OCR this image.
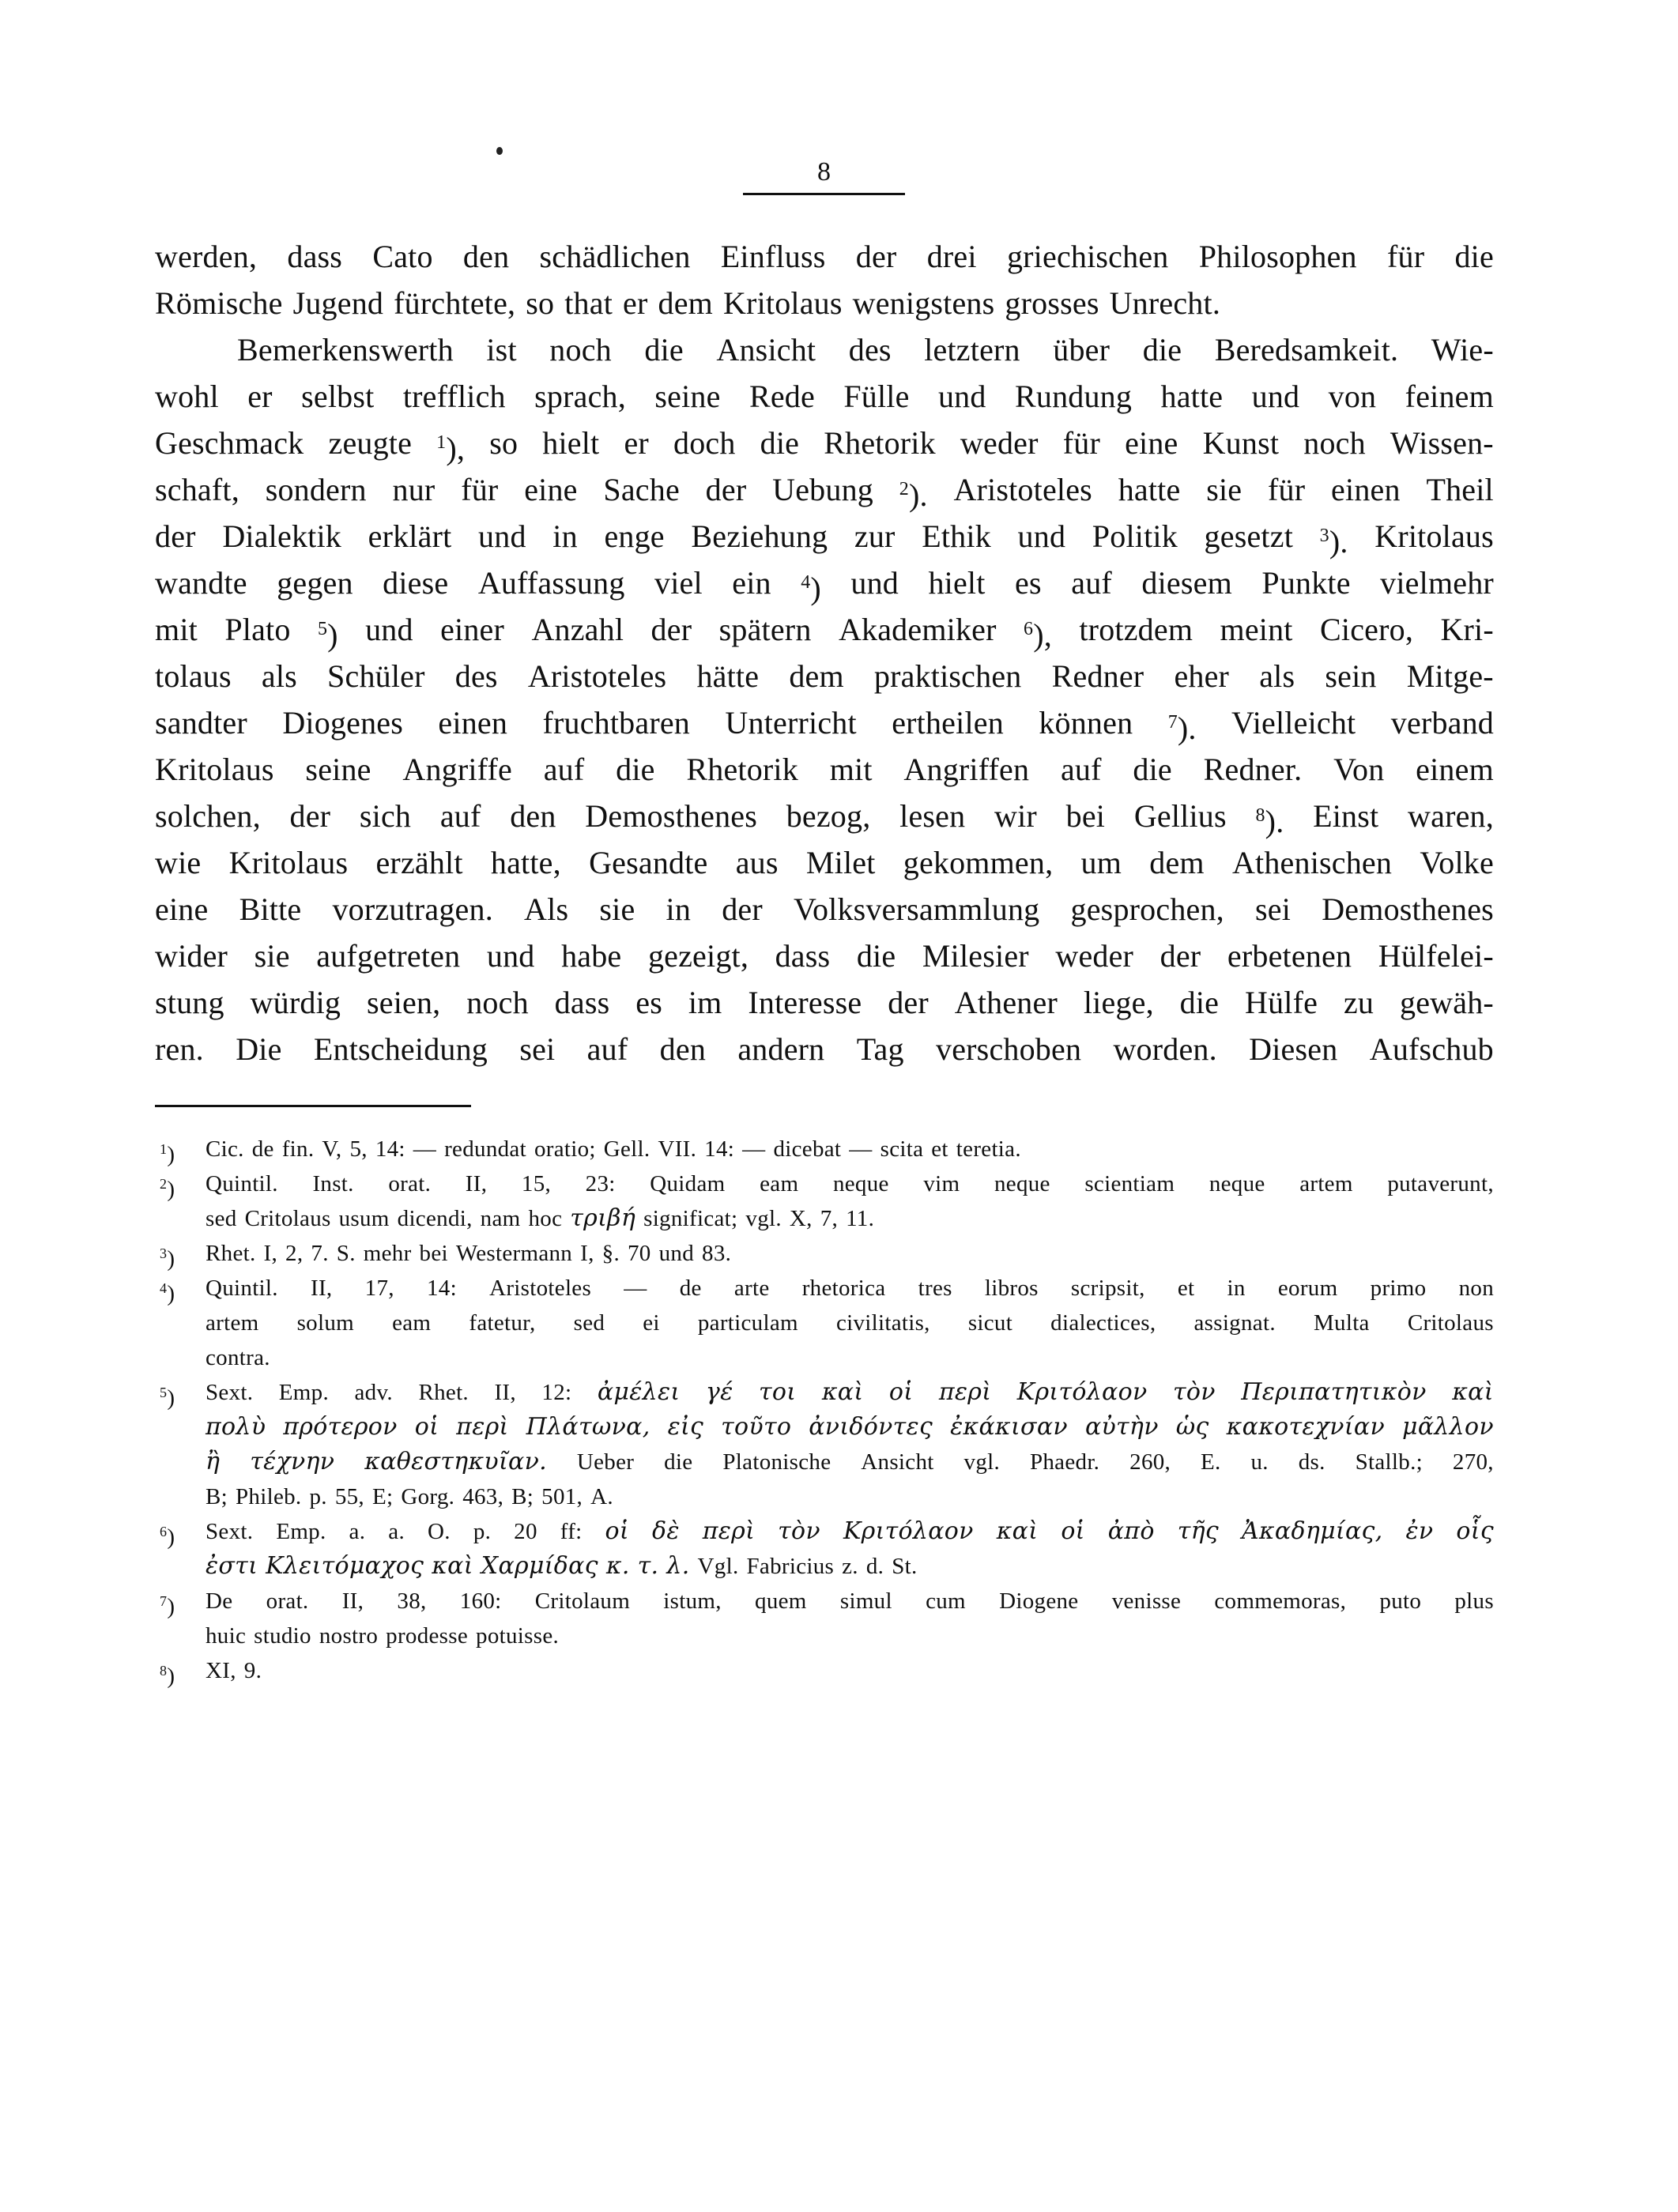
8
werden, dass Cato den schädlichen Einfluss der drei griechischen Philosophen für die
Römische Jugend fürchtete, so that er dem Kritolaus wenigstens grosses Unrecht.
Bemerkenswerth ist noch die Ansicht des letztern über die Beredsamkeit. Wie-
wohl er selbst trefflich sprach, seine Rede Fülle und Rundung hatte und von feinem
Geschmack zeugte $^1$), so hielt er doch die Rhetorik weder für eine Kunst noch Wissen-
schaft, sondern nur für eine Sache der Uebung $^2$). Aristoteles hatte sie für einen Theil
der Dialektik erklärt und in enge Beziehung zur Ethik und Politik gesetzt $^3$). Kritolaus
wandte gegen diese Auffassung viel ein $^4$) und hielt es auf diesem Punkte vielmehr
mit Plato $^5$) und einer Anzahl der spätern Akademiker $^6$), trotzdem meint Cicero, Kri-
tolaus als Schüler des Aristoteles hätte dem praktischen Redner eher als sein Mitge-
sandter Diogenes einen fruchtbaren Unterricht ertheilen können $^7$). Vielleicht verband
Kritolaus seine Angriffe auf die Rhetorik mit Angriffen auf die Redner. Von einem
solchen, der sich auf den Demosthenes bezog, lesen wir bei Gellius $^8$). Einst waren,
wie Kritolaus erzählt hatte, Gesandte aus Milet gekommen, um dem Athenischen Volke
eine Bitte vorzutragen. Als sie in der Volksversammlung gesprochen, sei Demosthenes
wider sie aufgetreten und habe gezeigt, dass die Milesier weder der erbetenen Hülfelei-
stung würdig seien, noch dass es im Interesse der Athener liege, die Hülfe zu gewäh-
ren. Die Entscheidung sei auf den andern Tag verschoben worden. Diesen Aufschub
$^1$) Cic. de fin. V, 5, 14: — redundat oratio; Gell. VII. 14: — dicebat — scita et teretia.
$^2$) Quintil. Inst. orat. II, 15, 23: Quidam eam neque vim neque scientiam neque artem putaverunt,
sed Critolaus usum dicendi, nam hoc τριβή significat; vgl. X, 7, 11.
$^3$) Rhet. I, 2, 7. S. mehr bei Westermann I, §. 70 und 83.
$^4$) Quintil. II, 17, 14: Aristoteles — de arte rhetorica tres libros scripsit, et in eorum primo non
artem solum eam fatetur, sed ei particulam civilitatis, sicut dialectices, assignat. Multa Critolaus
contra.
$^5$) Sext. Emp. adv. Rhet. II, 12: ἀμέλει γέ τοι καὶ οἱ περὶ Κριτόλαον τὸν Περιπατητικὸν καὶ
πολὺ πρότερον οἱ περὶ Πλάτωνα, εἰς τοῦτο ἀνιδόντες ἐκάκισαν αὐτὴν ὡς κακοτεχνίαν μᾶλλον
ἢ τέχνην καθεστηκυῖαν. Ueber die Platonische Ansicht vgl. Phaedr. 260, E. u. ds. Stallb.; 270,
B; Phileb. p. 55, E; Gorg. 463, B; 501, A.
$^6$) Sext. Emp. a. a. O. p. 20 ff: οἱ δὲ περὶ τὸν Κριτόλαον καὶ οἱ ἀπὸ τῆς Ἀκαδημίας, ἐν οἷς
ἐστι Κλειτόμαχος καὶ Χαρμίδας κ. τ. λ. Vgl. Fabricius z. d. St.
$^7$) De orat. II, 38, 160: Critolaum istum, quem simul cum Diogene venisse commemoras, puto plus
huic studio nostro prodesse potuisse.
$^8$) XI, 9.
